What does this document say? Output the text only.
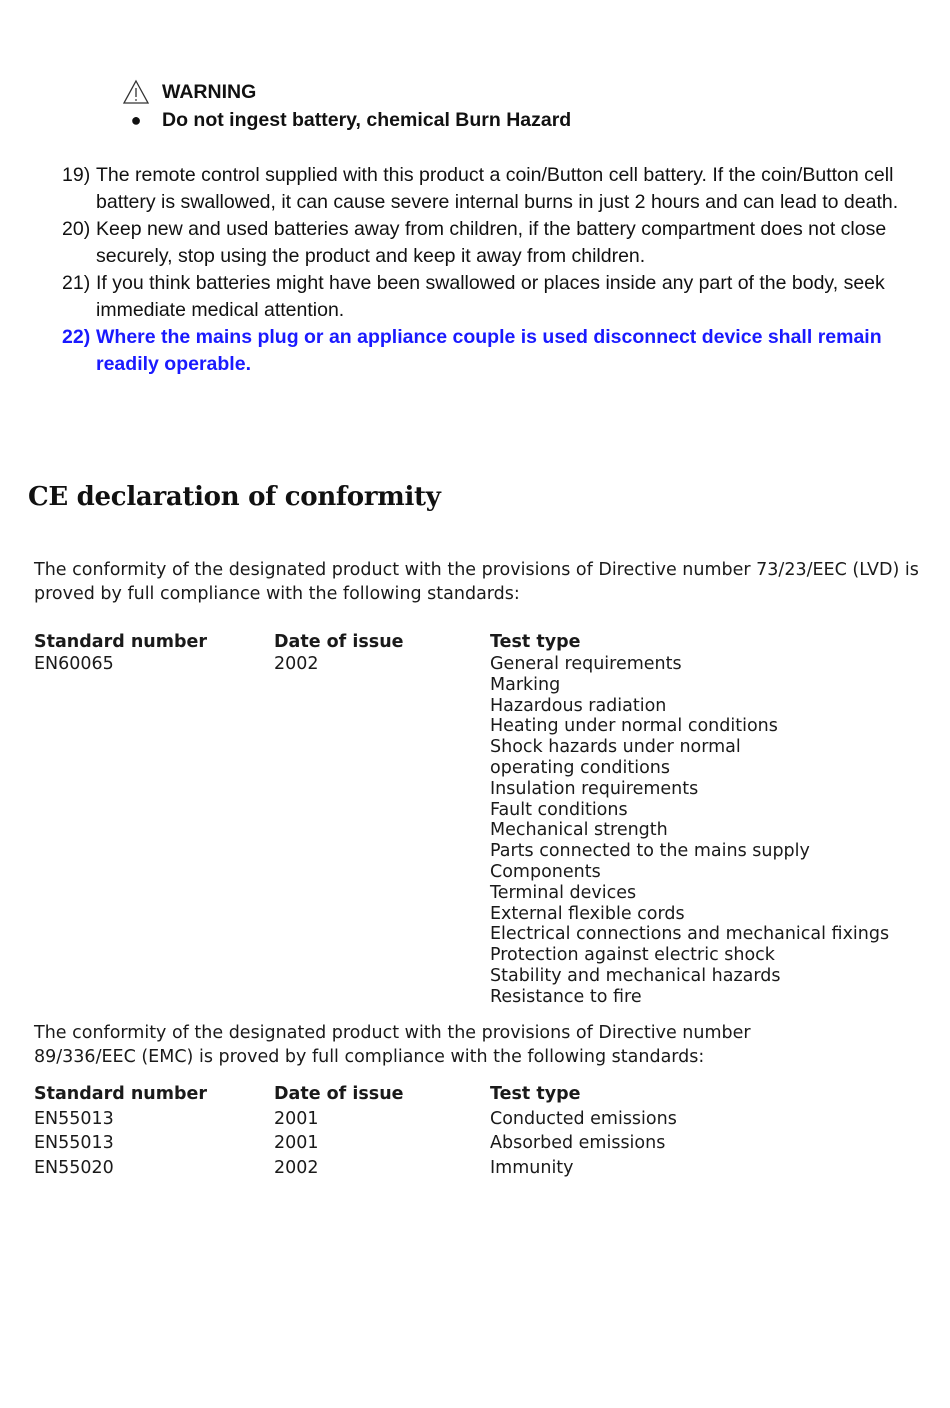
WARNING
●	Do not ingest battery, chemical Burn Hazard
19) The remote control supplied with this product a coin/Button cell battery. If the coin/Button cell battery is swallowed, it can cause severe internal burns in just 2 hours and can lead to death.
20) Keep new and used batteries away from children, if the battery compartment does not close securely, stop using the product and keep it away from children.
21) If you think batteries might have been swallowed or places inside any part of the body, seek immediate medical attention.
22) Where the mains plug or an appliance couple is used disconnect device shall remain readily operable.
CE declaration of conformity
The conformity of the designated product with the provisions of Directive number 73/23/EEC (LVD) is proved by full compliance with the following standards:
Standard number	Date of issue	Test type
EN60065	2002	General requirements
Marking
Hazardous radiation
Heating under normal conditions
Shock hazards under normal
operating conditions
Insulation requirements
Fault conditions
Mechanical strength
Parts connected to the mains supply
Components
Terminal devices
External flexible cords
Electrical connections and mechanical fixings
Protection against electric shock
Stability and mechanical hazards
Resistance to fire
The conformity of the designated product with the provisions of Directive number
89/336/EEC (EMC) is proved by full compliance with the following standards:
Standard number	Date of issue	Test type
EN55013	2001	Conducted emissions
EN55013	2001	Absorbed emissions
EN55020	2002	Immunity
